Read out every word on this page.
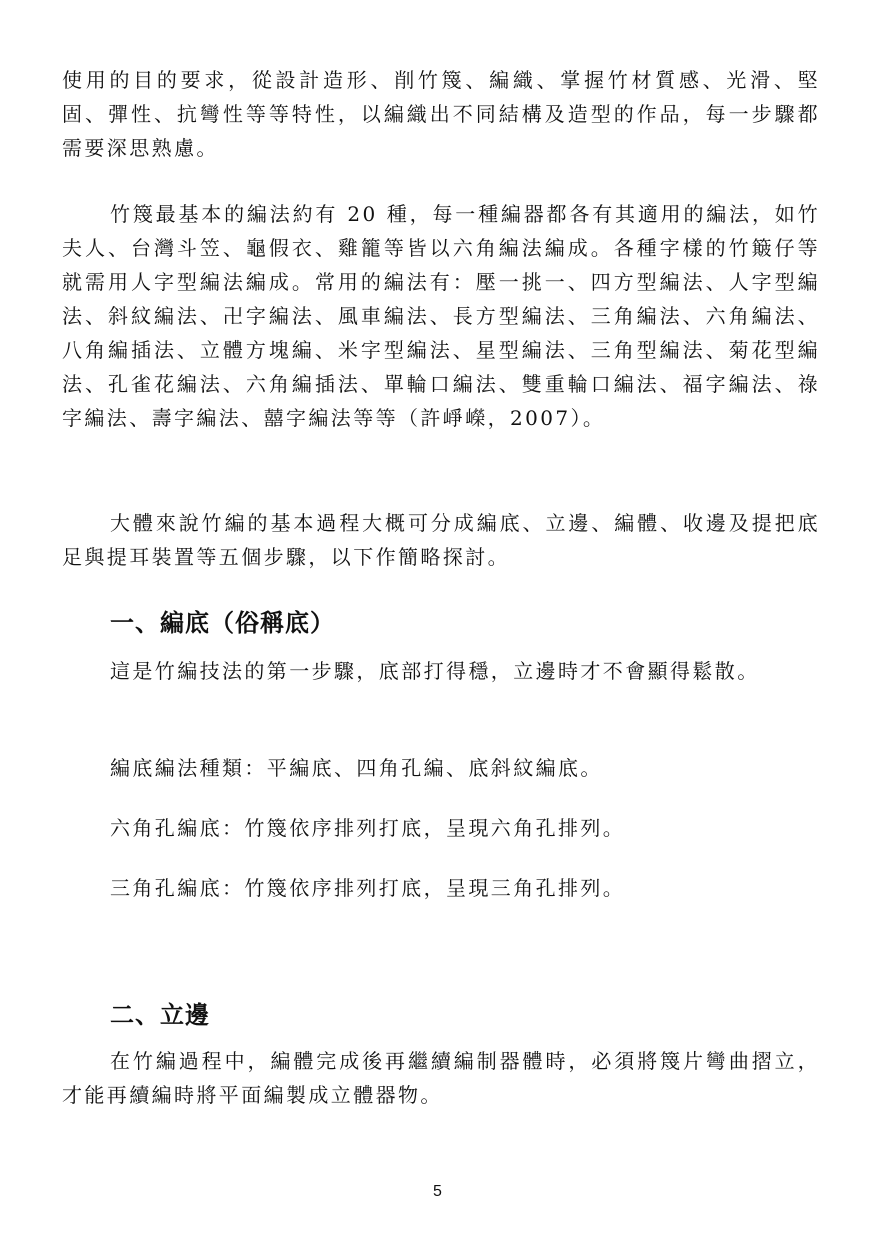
使用的目的要求，從設計造形、削竹篾、編織、掌握竹材質感、光滑、堅固、彈性、抗彎性等等特性，以編織出不同結構及造型的作品，每一步驟都需要深思熟慮。

竹篾最基本的編法約有 20 種，每一種編器都各有其適用的編法，如竹夫人、台灣斗笠、龜假衣、雞籠等皆以六角編法編成。各種字樣的竹簸仔等就需用人字型編法編成。常用的編法有：壓一挑一、四方型編法、人字型編法、斜紋編法、卍字編法、風車編法、長方型編法、三角編法、六角編法、八角編插法、立體方塊編、米字型編法、星型編法、三角型編法、菊花型編法、孔雀花編法、六角編插法、單輪口編法、雙重輪口編法、福字編法、祿字編法、壽字編法、囍字編法等等（許崢嶸，2007）。

大體來說竹編的基本過程大概可分成編底、立邊、編體、收邊及提把底足與提耳裝置等五個步驟，以下作簡略探討。

一、編底（俗稱底）

這是竹編技法的第一步驟，底部打得穩，立邊時才不會顯得鬆散。

編底編法種類：平編底、四角孔編、底斜紋編底。

六角孔編底：竹篾依序排列打底，呈現六角孔排列。

三角孔編底：竹篾依序排列打底，呈現三角孔排列。

二、立邊

在竹編過程中，編體完成後再繼續編制器體時，必須將篾片彎曲摺立，才能再續編時將平面編製成立體器物。

5
